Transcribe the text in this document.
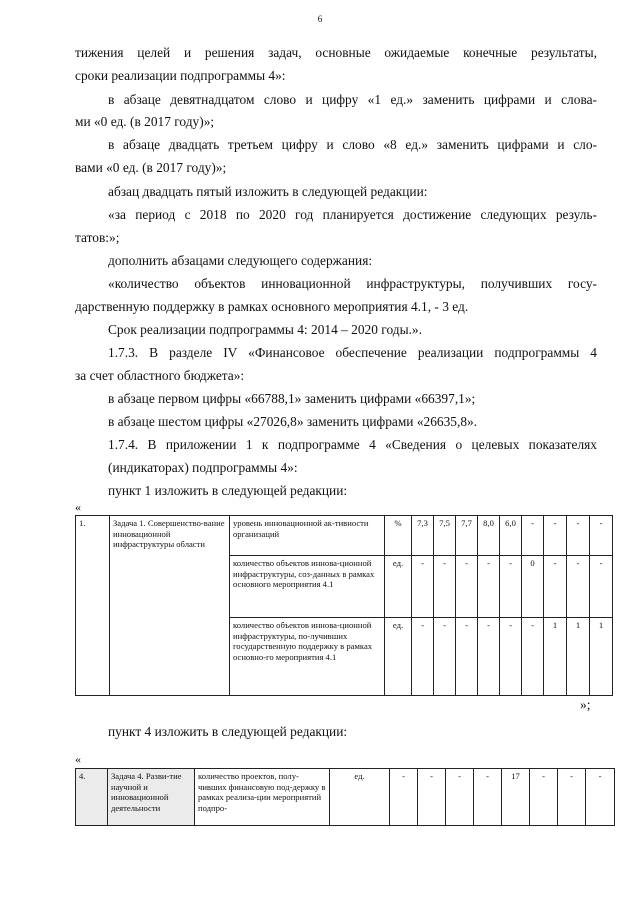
6
тижения целей и решения задач, основные ожидаемые конечные результаты,
сроки реализации подпрограммы 4»:
в абзаце девятнадцатом слово и цифру «1 ед.» заменить цифрами и слова-
ми «0 ед. (в 2017 году)»;
в абзаце двадцать третьем цифру и слово «8 ед.» заменить цифрами и сло-
вами «0 ед. (в 2017 году)»;
абзац двадцать пятый изложить в следующей редакции:
«за период с 2018 по 2020 год планируется достижение следующих резуль-
татов:»;
дополнить абзацами следующего содержания:
«количество объектов инновационной инфраструктуры, получивших госу-
дарственную поддержку в рамках основного мероприятия 4.1, - 3 ед.
Срок реализации подпрограммы 4: 2014 – 2020 годы.».
1.7.3. В разделе IV «Финансовое обеспечение реализации подпрограммы 4
за счет областного бюджета»:
в абзаце первом цифры «66788,1» заменить цифрами «66397,1»;
в абзаце шестом цифры «27026,8» заменить цифрами «26635,8».
1.7.4. В приложении 1 к подпрограмме 4 «Сведения о целевых показателях
(индикаторах) подпрограммы 4»:
пункт 1 изложить в следующей редакции:
«
1.	Задача 1. Совершенство-вание инновационной инфраструктуры области	уровень инновационной ак-тивности организаций	%	7,3	7,5	7,7	8,0	6,0	-	-	-	-
		количество объектов иннова-ционной инфраструктуры, соз-данных в рамках основного мероприятия 4.1	ед.	-	-	-	-	-	0	-	-	-
		количество объектов иннова-ционной инфраструктуры, по-лучивших государственную поддержку в рамках основно-го мероприятия 4.1	ед.	-	-	-	-	-	-	1	1	1
»;
пункт 4 изложить в следующей редакции:
«
4.	Задача 4. Разви-тие научной и инновационной деятельности	количество проектов, полу-чивших финансовую под-держку в рамках реализа-ции мероприятий подпро-	ед.	-	-	-	-	17	-	-	-
